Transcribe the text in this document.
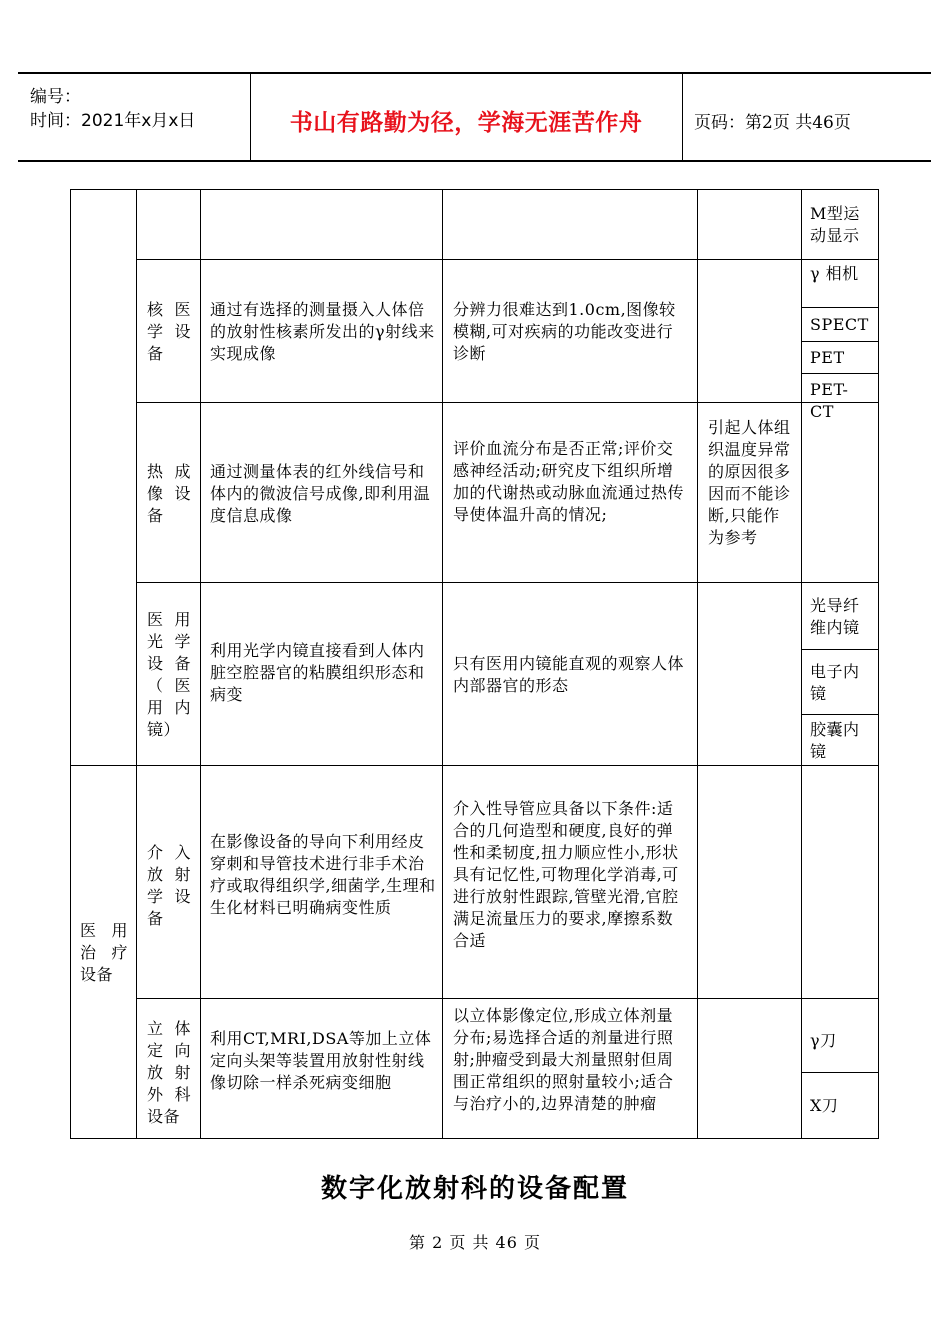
编号：
时间：2021年x月x日	书山有路勤为径，学海无涯苦作舟	页码：第2页 共46页
M型运动显示
核医学设备
通过有选择的测量摄入人体倍的放射性核素所发出的γ射线来实现成像
分辨力很难达到1.0cm,图像较模糊,可对疾病的功能改变进行诊断
γ 相机
SPECT
PET
PET-CT
热成像设备
通过测量体表的红外线信号和体内的微波信号成像,即利用温度信息成像
评价血流分布是否正常;评价交感神经活动;研究皮下组织所增加的代谢热或动脉血流通过热传导使体温升高的情况;
引起人体组织温度异常的原因很多因而不能诊断,只能作为参考
医用光学设备（医用内镜）
利用光学内镜直接看到人体内脏空腔器官的粘膜组织形态和病变
只有医用内镜能直观的观察人体内部器官的形态
光导纤维内镜
电子内镜
胶囊内镜
医用治疗设备
介入放射学设备
在影像设备的导向下利用经皮穿刺和导管技术进行非手术治疗或取得组织学,细菌学,生理和生化材料已明确病变性质
介入性导管应具备以下条件:适合的几何造型和硬度,良好的弹性和柔韧度,扭力顺应性小,形状具有记忆性,可物理化学消毒,可进行放射性跟踪,管壁光滑,官腔满足流量压力的要求,摩擦系数合适
立体定向放射外科设备
利用CT,MRI,DSA等加上立体定向头架等装置用放射性射线像切除一样杀死病变细胞
以立体影像定位,形成立体剂量分布;易选择合适的剂量进行照射;肿瘤受到最大剂量照射但周围正常组织的照射量较小;适合与治疗小的,边界清楚的肿瘤
γ刀
X刀
数字化放射科的设备配置
第 2 页 共 46 页
